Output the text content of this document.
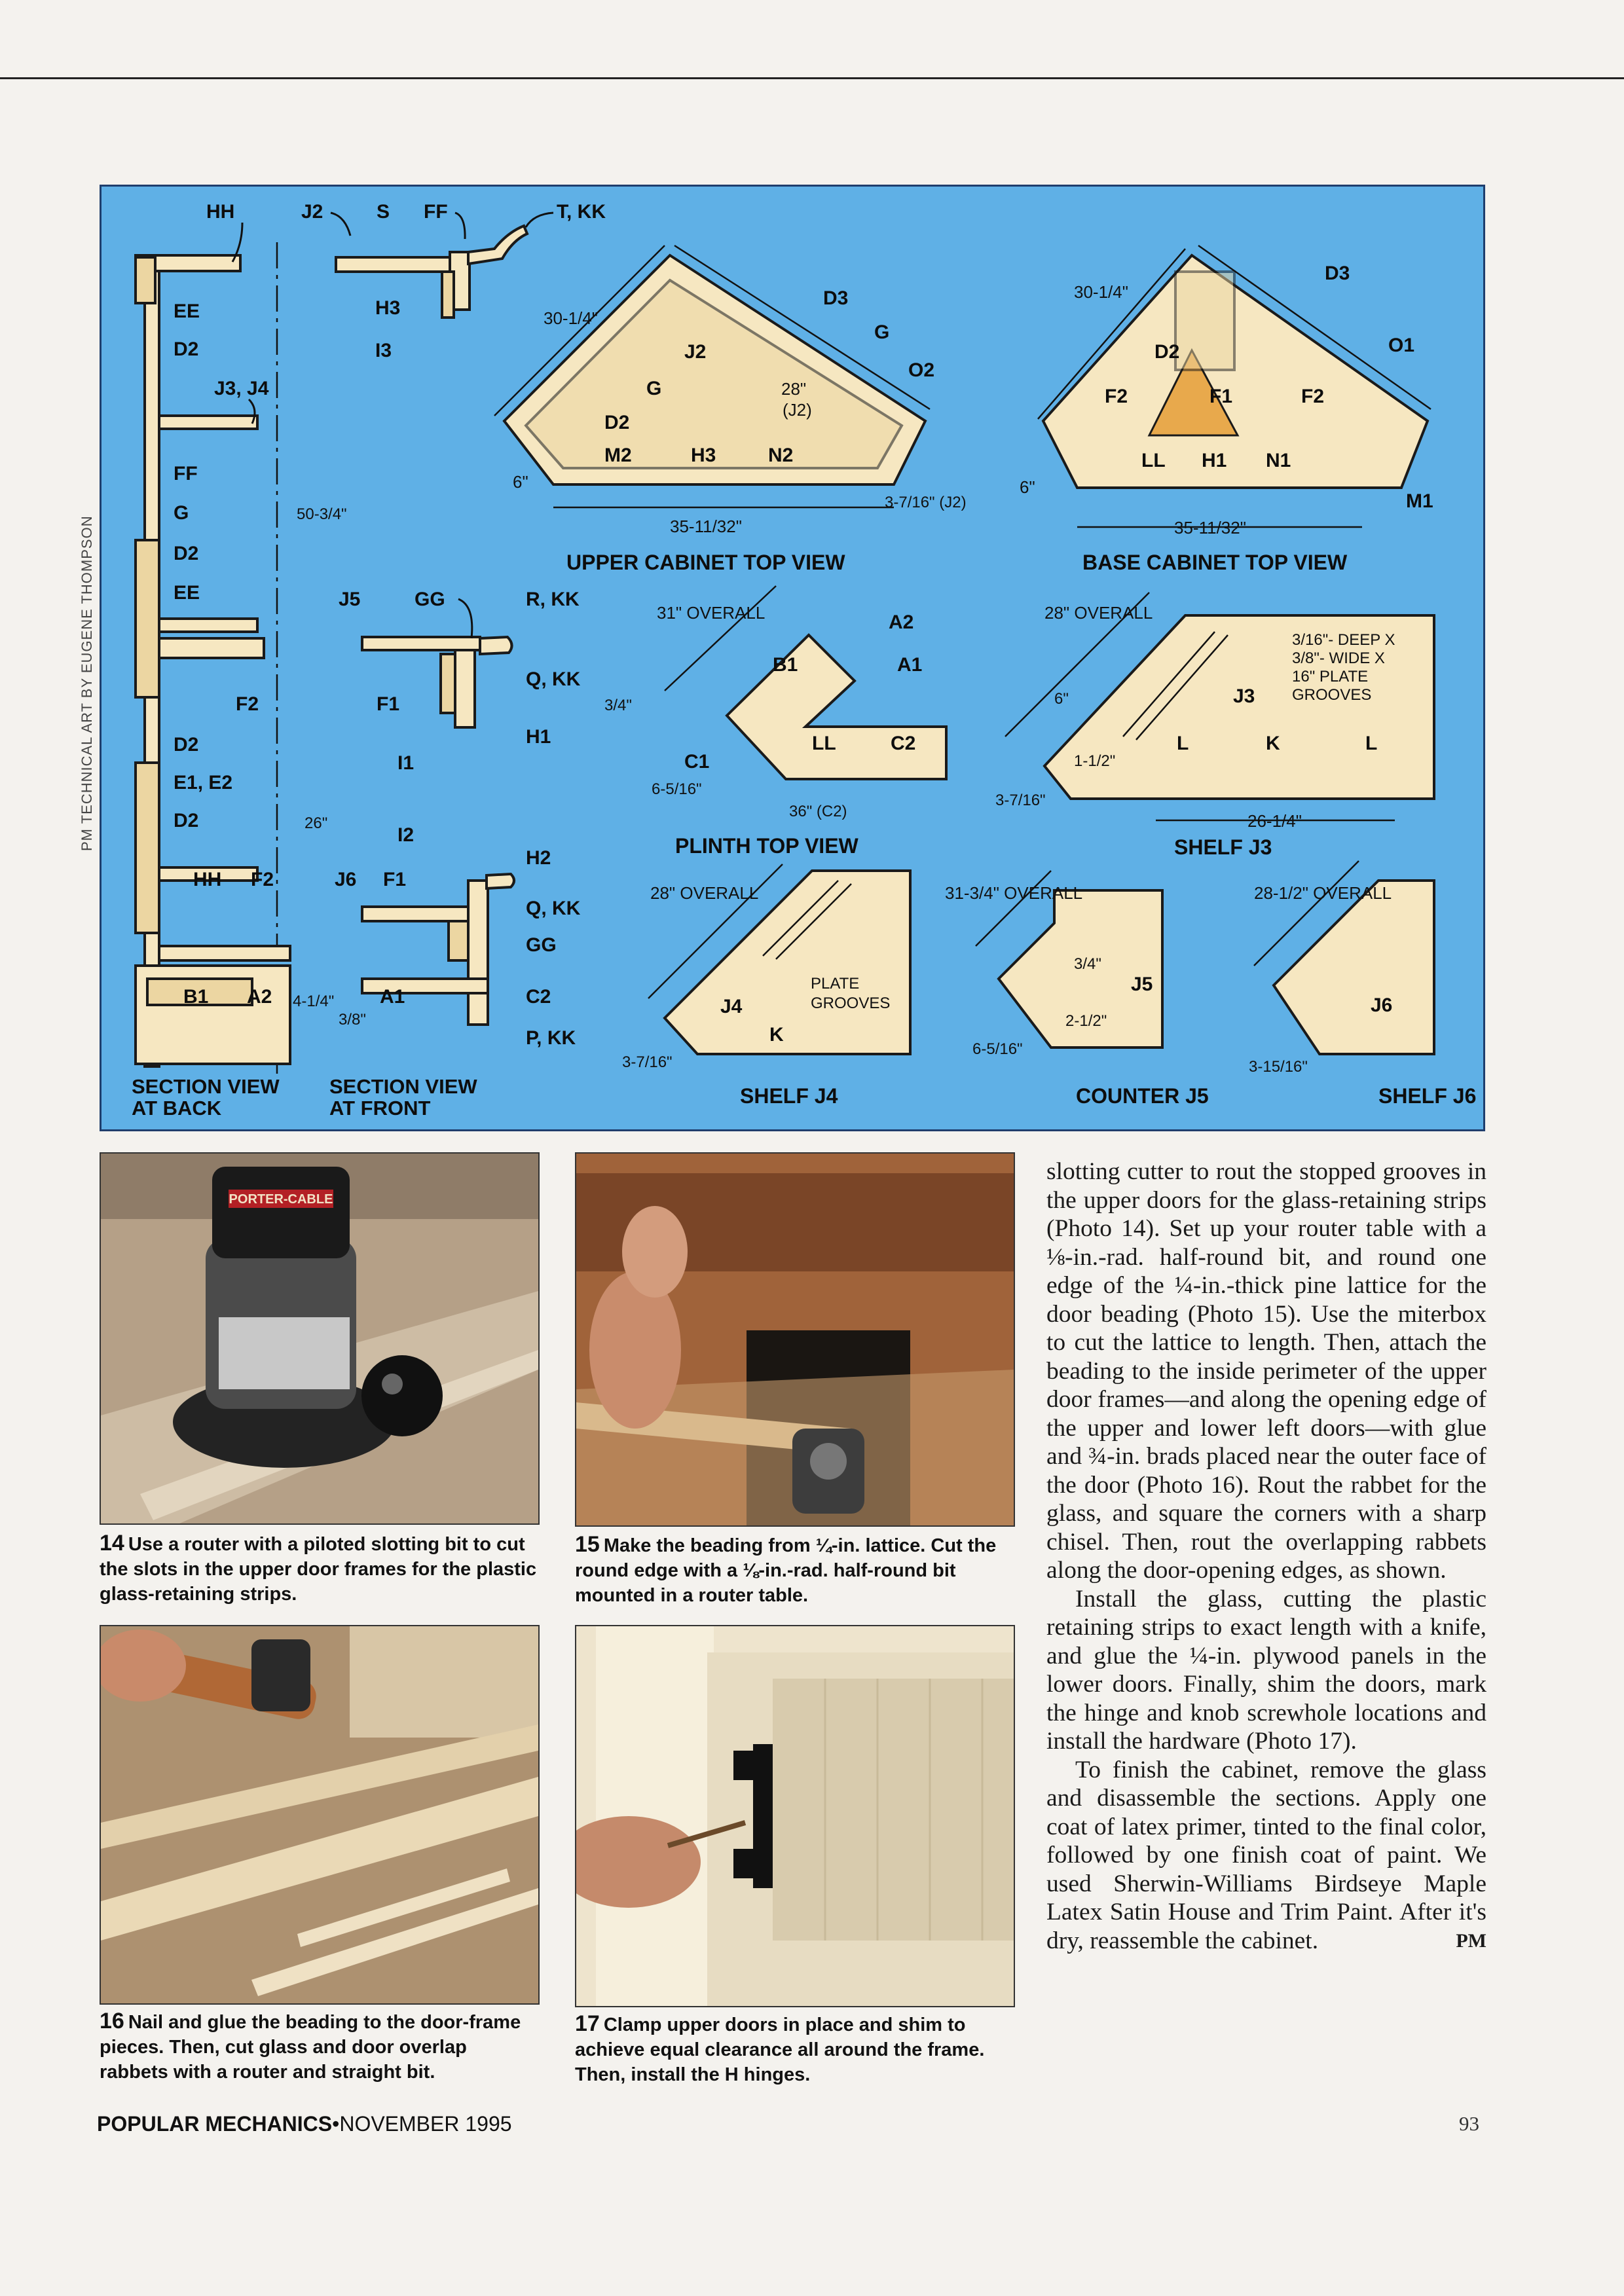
PM TECHNICAL ART BY EUGENE THOMPSON
HH
EE
D2
J3, J4
FF
G
D2
EE
F2
D2
E1, E2
D2
HH F2
B1 A2
50-3/4"
26"
4-1/4"
3/8"
SECTION VIEW
AT BACK
J2	S FF	T, KK
H3
I3
J5	GG	R, KK
F1
Q, KK
H1
I1
I2
H2
J6 F1
Q, KK
GG
A1	C2
P, KK
SECTION VIEW
AT FRONT
30-1/4"
D3
G
J2
G
O2
28"
(J2)
D2
M2	H3	N2
6"
35-11/32"
3-7/16" (J2)
UPPER CABINET TOP VIEW
30-1/4"
D3
O1
D2
F2	F1	F2
LL H1 N1
M1
6"
35-11/32"
BASE CABINET TOP VIEW
31" OVERALL	A2
B1	A1
3/4"
LL	C2
C1
6-5/16"
36" (C2)
PLINTH TOP VIEW
28" OVERALL
3/16"- DEEP X
3/8"- WIDE X
16" PLATE
GROOVES
J3
6"
L	K	L
1-1/2"
3-7/16"
26-1/4"
SHELF J3
28" OVERALL
PLATE
GROOVES
J4
K
3-7/16"
SHELF J4
31-3/4" OVERALL
3/4"
J5
2-1/2"
6-5/16"
COUNTER J5
28-1/2" OVERALL
J6
3-15/16"
SHELF J6
PORTER-CABLE
14 Use a router with a piloted slotting bit to cut the slots in the upper door frames for the plastic glass-retaining strips.
15 Make the beading from ¼-in. lattice. Cut the round edge with a ⅛-in.-rad. half-round bit mounted in a router table.
16 Nail and glue the beading to the door-frame pieces. Then, cut glass and door overlap rabbets with a router and straight bit.
17 Clamp upper doors in place and shim to achieve equal clearance all around the frame. Then, install the H hinges.

slotting cutter to rout the stopped grooves in the upper doors for the glass-retaining strips (Photo 14). Set up your router table with a ⅛-in.-rad. half-round bit, and round one edge of the ¼-in.-thick pine lattice for the door beading (Photo 15). Use the miterbox to cut the lattice to length. Then, attach the beading to the inside perimeter of the upper door frames—and along the opening edge of the upper and lower left doors—with glue and ¾-in. brads placed near the outer face of the door (Photo 16). Rout the rabbet for the glass, and square the corners with a sharp chisel. Then, rout the overlapping rabbets along the door-opening edges, as shown.

Install the glass, cutting the plastic retaining strips to exact length with a knife, and glue the ¼-in. plywood panels in the lower doors. Finally, shim the doors, mark the hinge and knob screwhole locations and install the hardware (Photo 17).

To finish the cabinet, remove the glass and disassemble the sections. Apply one coat of latex primer, tinted to the final color, followed by one finish coat of paint. We used Sherwin-Williams Birdseye Maple Latex Satin House and Trim Paint. After it's dry, reassemble the cabinet.	PM

POPULAR MECHANICS•NOVEMBER 1995	93
